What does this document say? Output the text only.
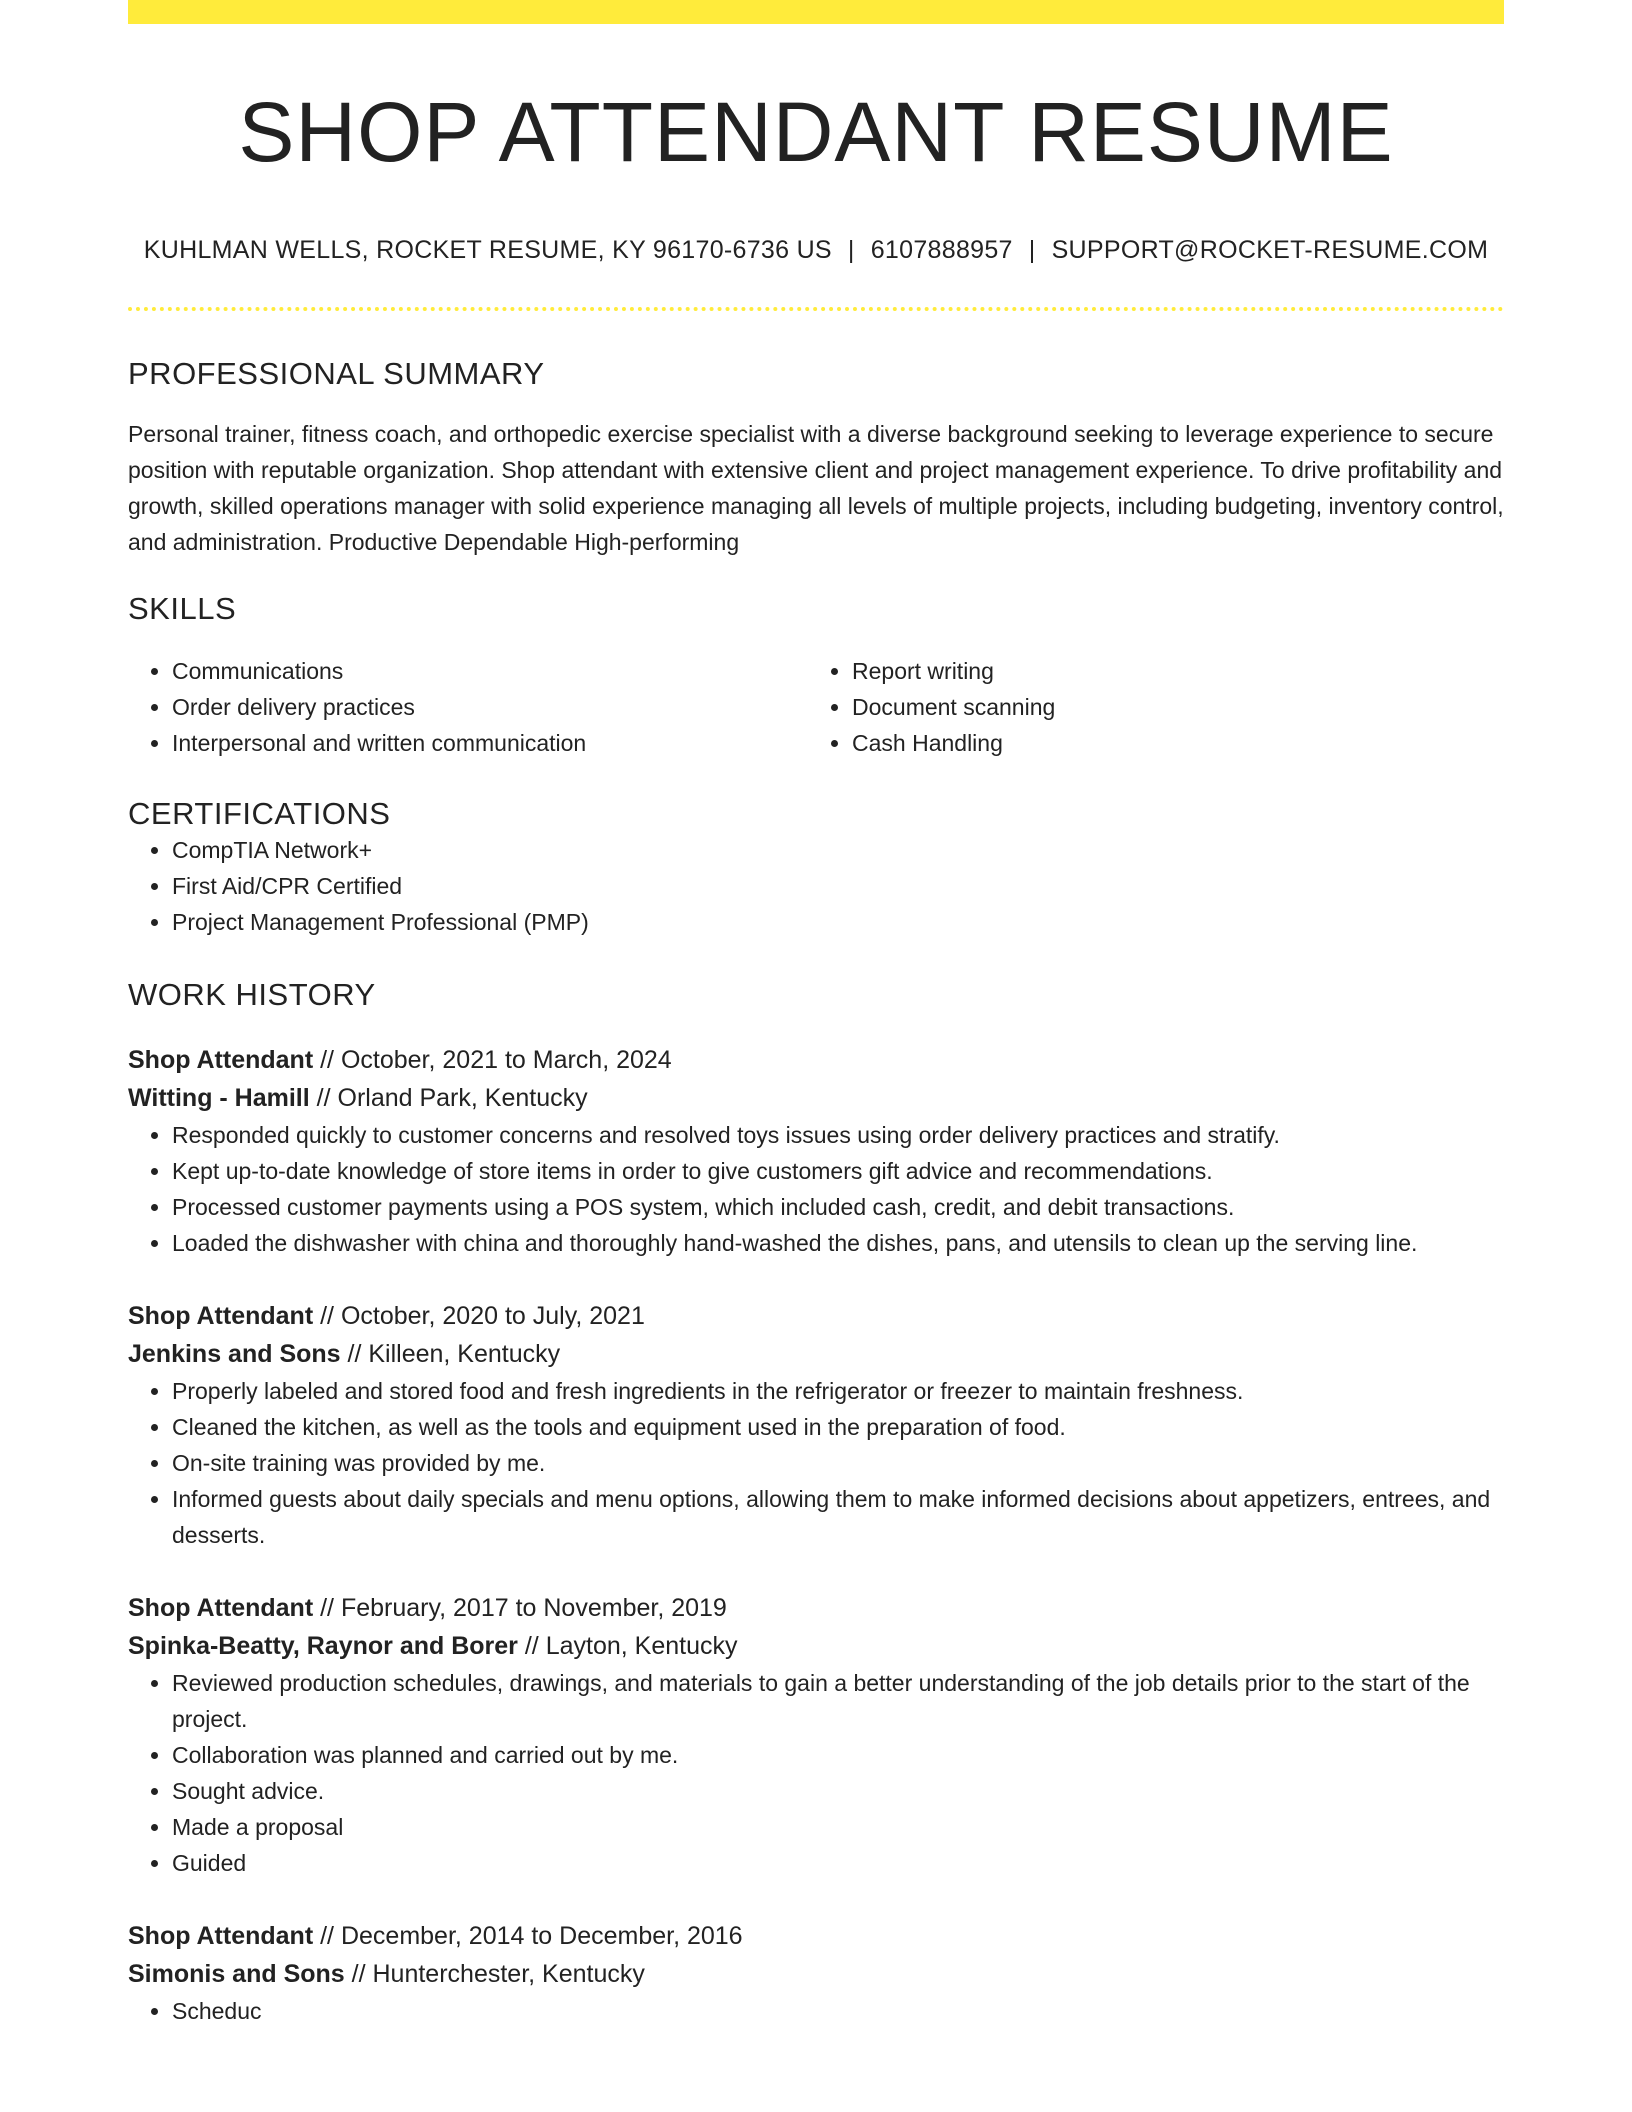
SHOP ATTENDANT RESUME
KUHLMAN WELLS, ROCKET RESUME, KY 96170-6736 US | 6107888957 | SUPPORT@ROCKET-RESUME.COM
PROFESSIONAL SUMMARY

Personal trainer, fitness coach, and orthopedic exercise specialist with a diverse background seeking to leverage experience to secure position with reputable organization. Shop attendant with extensive client and project management experience. To drive profitability and growth, skilled operations manager with solid experience managing all levels of multiple projects, including budgeting, inventory control, and administration. Productive Dependable High-performing

SKILLS
• Communications
• Order delivery practices
• Interpersonal and written communication
• Report writing
• Document scanning
• Cash Handling
CERTIFICATIONS
• CompTIA Network+
• First Aid/CPR Certified
• Project Management Professional (PMP)
WORK HISTORY
Shop Attendant // October, 2021 to March, 2024
Witting - Hamill // Orland Park, Kentucky
• Responded quickly to customer concerns and resolved toys issues using order delivery practices and stratify.
• Kept up-to-date knowledge of store items in order to give customers gift advice and recommendations.
• Processed customer payments using a POS system, which included cash, credit, and debit transactions.
• Loaded the dishwasher with china and thoroughly hand-washed the dishes, pans, and utensils to clean up the serving line.
Shop Attendant // October, 2020 to July, 2021
Jenkins and Sons // Killeen, Kentucky
• Properly labeled and stored food and fresh ingredients in the refrigerator or freezer to maintain freshness.
• Cleaned the kitchen, as well as the tools and equipment used in the preparation of food.
• On-site training was provided by me.
• Informed guests about daily specials and menu options, allowing them to make informed decisions about appetizers, entrees, and desserts.
Shop Attendant // February, 2017 to November, 2019
Spinka-Beatty, Raynor and Borer // Layton, Kentucky
• Reviewed production schedules, drawings, and materials to gain a better understanding of the job details prior to the start of the project.
• Collaboration was planned and carried out by me.
• Sought advice.
• Made a proposal
• Guided
Shop Attendant // December, 2014 to December, 2016
Simonis and Sons // Hunterchester, Kentucky
• Scheduc
